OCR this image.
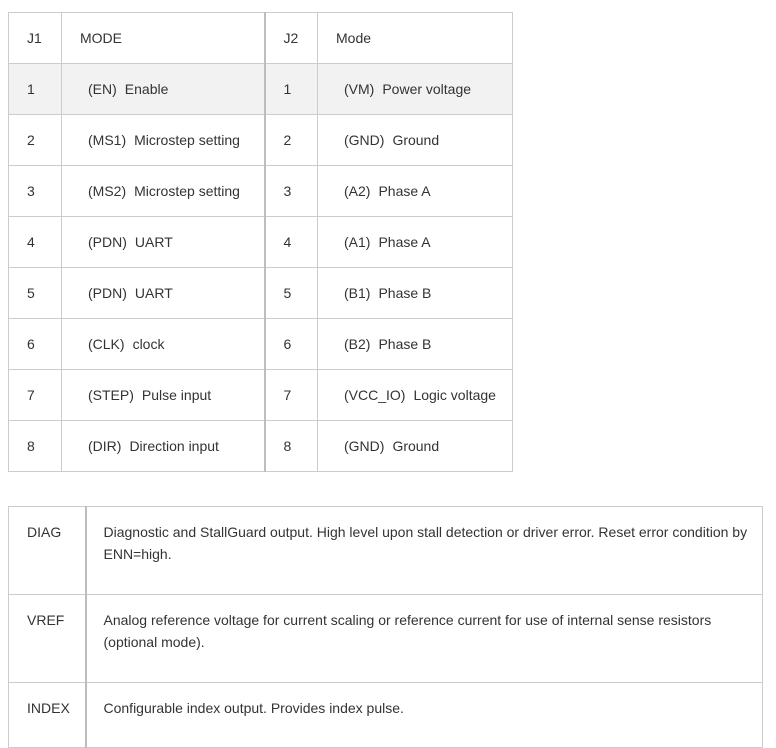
J1	MODE	J2	Mode
1	(EN) Enable	1	(VM) Power voltage
2	(MS1) Microstep setting	2	(GND) Ground
3	(MS2) Microstep setting	3	(A2) Phase A
4	(PDN) UART	4	(A1) Phase A
5	(PDN) UART	5	(B1) Phase B
6	(CLK) clock	6	(B2) Phase B
7	(STEP) Pulse input	7	(VCC_IO) Logic voltage
8	(DIR) Direction input	8	(GND) Ground
DIAG	Diagnostic and StallGuard output. High level upon stall detection or driver error. Reset error condition by ENN=high.
VREF	Analog reference voltage for current scaling or reference current for use of internal sense resistors (optional mode).
INDEX	Configurable index output. Provides index pulse.
